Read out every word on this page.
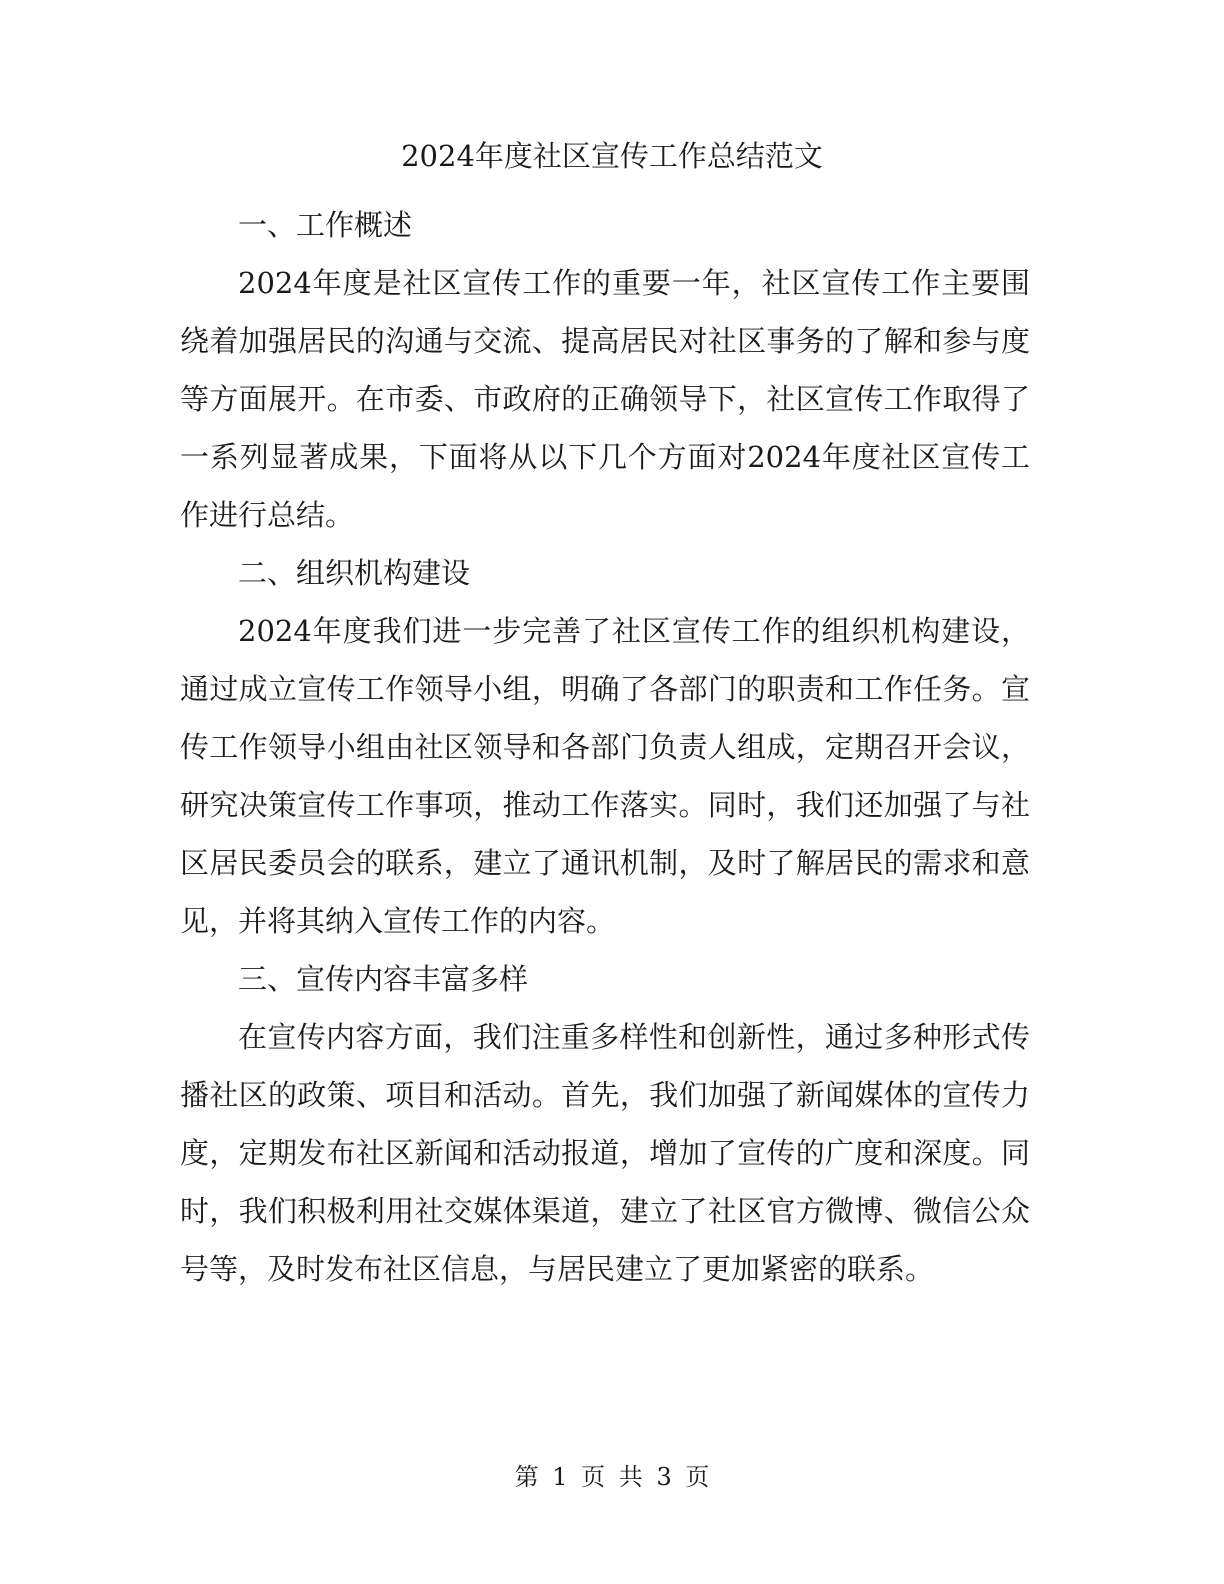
2024年度社区宣传工作总结范文
一、工作概述

2024年度是社区宣传工作的重要一年，社区宣传工作主要围绕着加强居民的沟通与交流、提高居民对社区事务的了解和参与度等方面展开。在市委、市政府的正确领导下，社区宣传工作取得了一系列显著成果，下面将从以下几个方面对2024年度社区宣传工作进行总结。

二、组织机构建设

2024年度我们进一步完善了社区宣传工作的组织机构建设，通过成立宣传工作领导小组，明确了各部门的职责和工作任务。宣传工作领导小组由社区领导和各部门负责人组成，定期召开会议，研究决策宣传工作事项，推动工作落实。同时，我们还加强了与社区居民委员会的联系，建立了通讯机制，及时了解居民的需求和意见，并将其纳入宣传工作的内容。

三、宣传内容丰富多样

在宣传内容方面，我们注重多样性和创新性，通过多种形式传播社区的政策、项目和活动。首先，我们加强了新闻媒体的宣传力度，定期发布社区新闻和活动报道，增加了宣传的广度和深度。同时，我们积极利用社交媒体渠道，建立了社区官方微博、微信公众号等，及时发布社区信息，与居民建立了更加紧密的联系。

第 1 页 共 3 页
